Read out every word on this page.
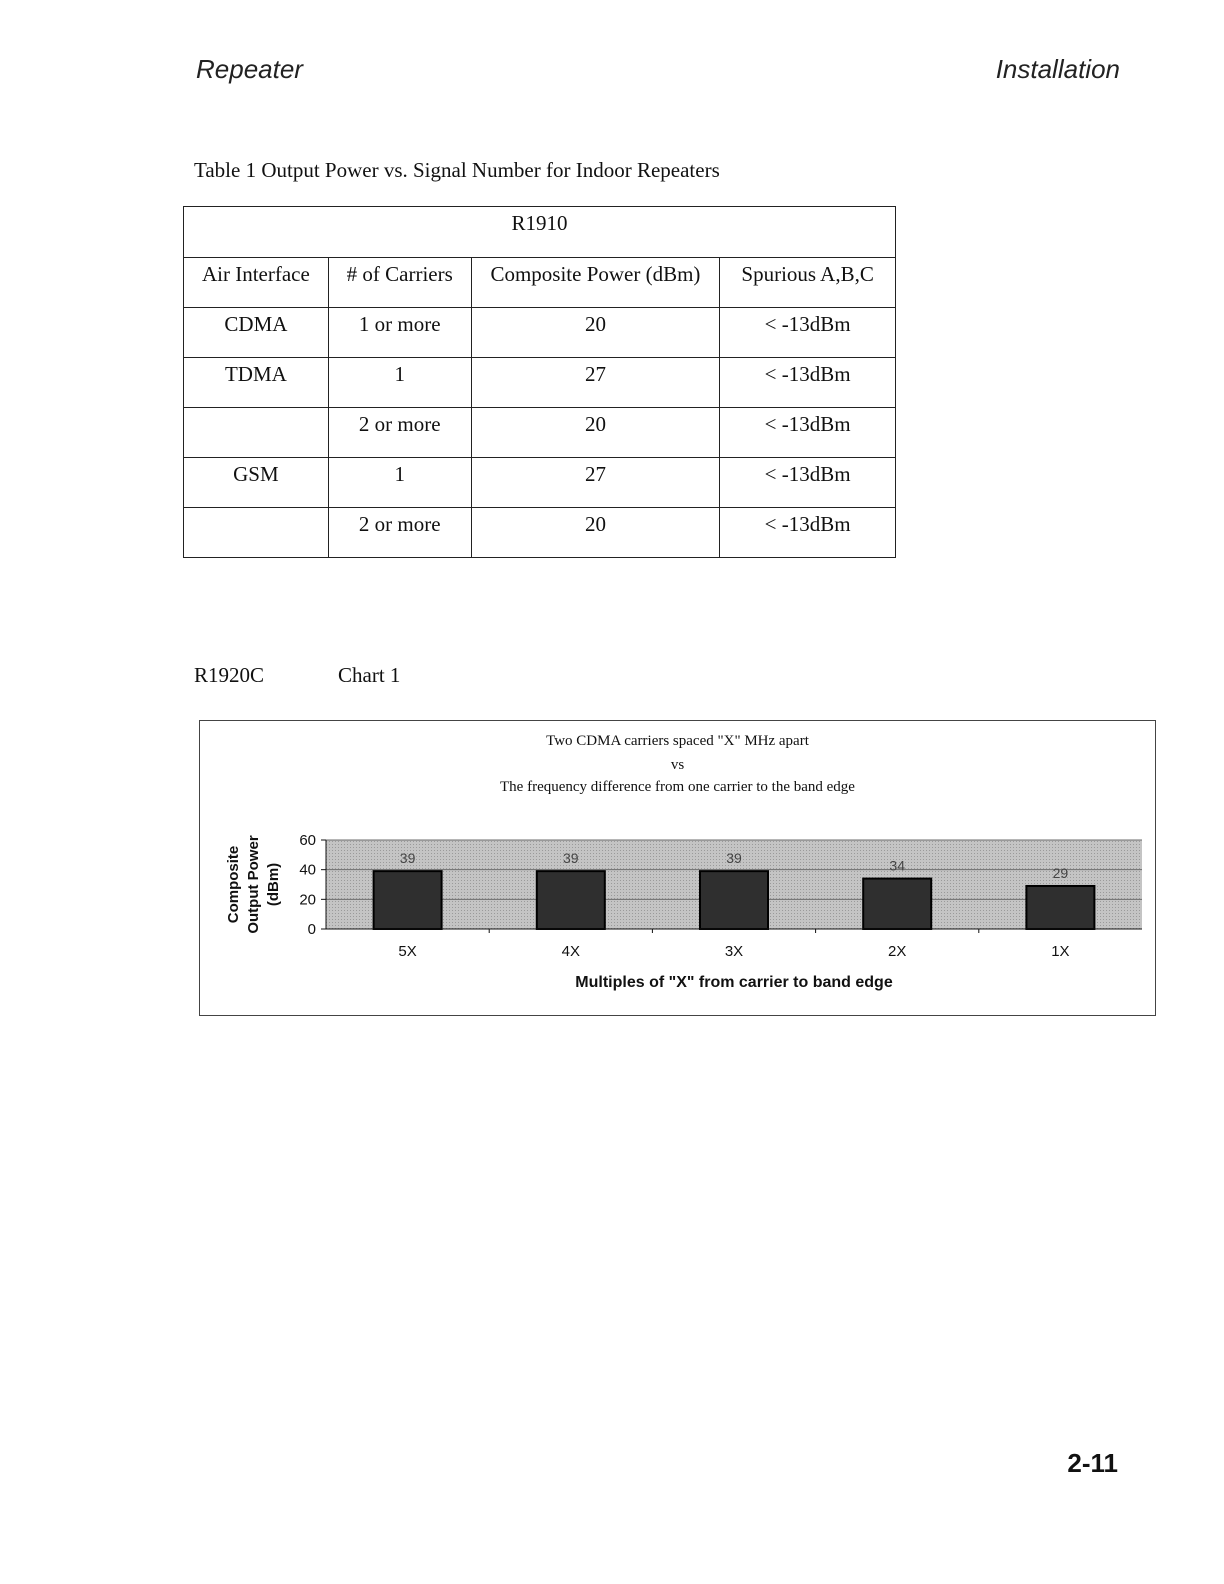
Repeater	Installation
Table 1 Output Power vs. Signal Number for Indoor Repeaters
R1910			
Air Interface	# of Carriers	Composite Power (dBm)	Spurious A,B,C
CDMA	1 or more	20	< -13dBm
TDMA	1	27	< -13dBm
	2 or more	20	< -13dBm
GSM	1	27	< -13dBm
	2 or more	20	< -13dBm
R1920C	Chart 1
Two CDMA carriers spaced "X" MHz apart
vs
The frequency difference from one carrier to the band edge
39	39	39	34	29
0
20
40
60
5X	4X	3X	2X	1X
Composite Output Power (dBm)
Multiples of "X" from carrier to band edge
2-11
